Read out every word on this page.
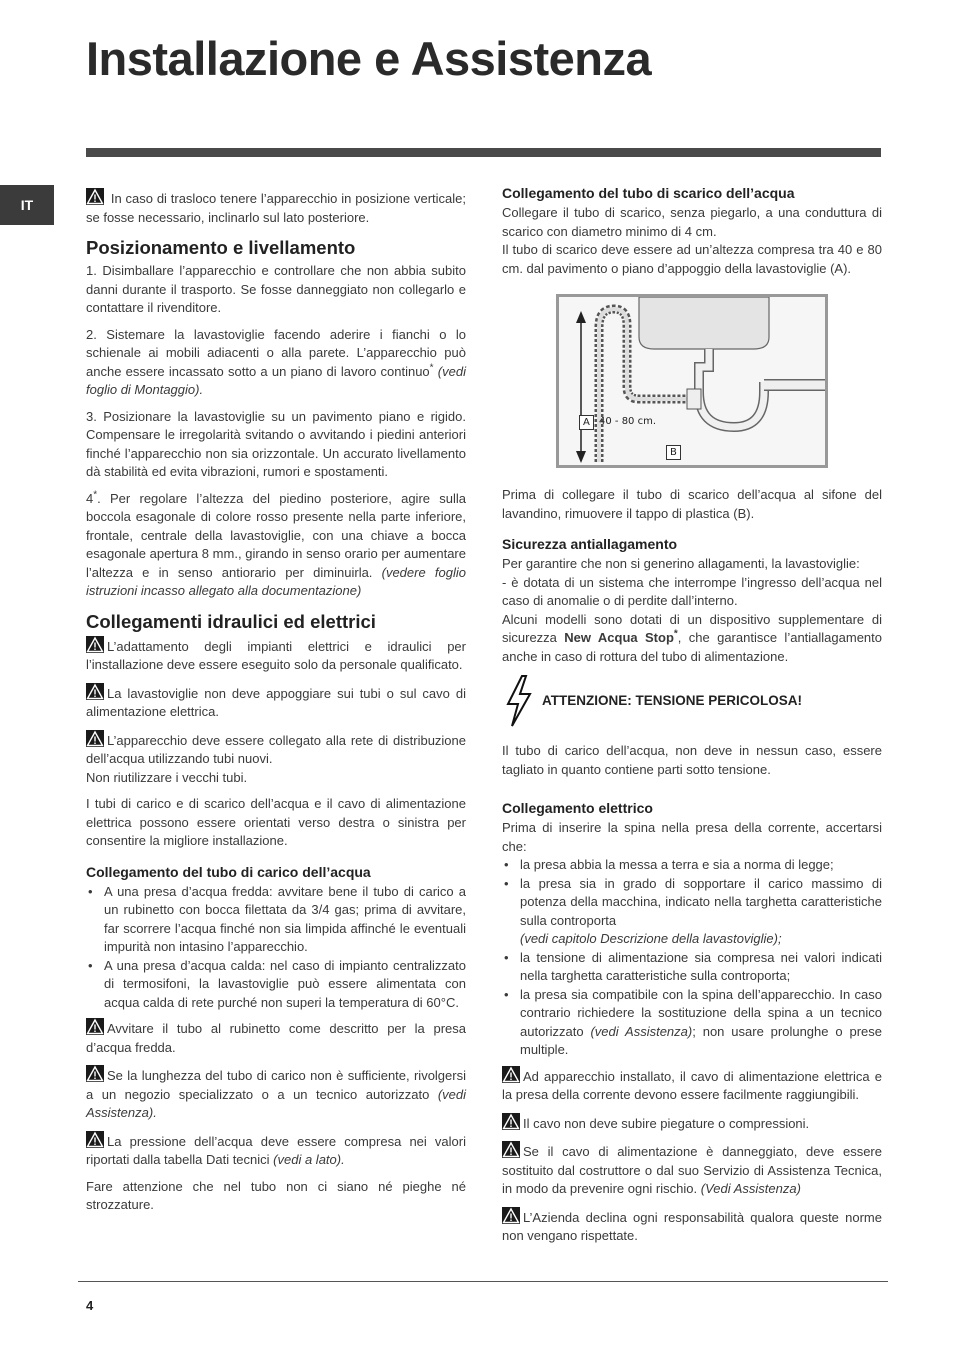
Installazione e Assistenza
IT	In caso di trasloco tenere l’apparecchio in posizione verticale; se fosse necessario, inclinarlo sul lato posteriore.

Posizionamento e livellamento

1. Disimballare l’apparecchio e controllare che non abbia subito danni durante il trasporto. Se fosse danneggiato non collegarlo e contattare il rivenditore.

2. Sistemare la lavastoviglie facendo aderire i fianchi o lo schienale ai mobili adiacenti o alla parete. L’apparecchio può anche essere incassato sotto a un piano di lavoro continuo* (vedi foglio di Montaggio).

3. Posizionare la lavastoviglie su un pavimento piano e rigido. Compensare le irregolarità svitando o avvitando i piedini anteriori finché l’apparecchio non sia orizzontale. Un accurato livellamento dà stabilità ed evita vibrazioni, rumori e spostamenti.

4*. Per regolare l’altezza del piedino posteriore, agire sulla boccola esagonale di colore rosso presente nella parte inferiore, frontale, centrale della lavastoviglie, con una chiave a bocca esagonale apertura 8 mm., girando in senso orario per aumentare l’altezza e in senso antiorario per diminuirla. (vedere foglio istruzioni incasso allegato alla documentazione)

Collegamenti idraulici ed elettrici

L’adattamento degli impianti elettrici e idraulici per l’installazione deve essere eseguito solo da personale qualificato.

La lavastoviglie non deve appoggiare sui tubi o sul cavo di alimentazione elettrica.

L’apparecchio deve essere collegato alla rete di distribuzione dell’acqua utilizzando tubi nuovi.
Non riutilizzare i vecchi tubi.

I tubi di carico e di scarico dell’acqua e il cavo di alimentazione elettrica possono essere orientati verso destra o sinistra per consentire la migliore installazione.

Collegamento del tubo di carico dell’acqua
• A una presa d’acqua fredda: avvitare bene il tubo di carico a un rubinetto con bocca filettata da 3/4 gas; prima di avvitare, far scorrere l’acqua finché non sia limpida affinché le eventuali impurità non intasino l’apparecchio.
• A una presa d’acqua calda: nel caso di impianto centralizzato di termosifoni, la lavastoviglie può essere alimentata con acqua calda di rete purché non superi la temperatura di 60°C.

Avvitare il tubo al rubinetto come descritto per la presa d’acqua fredda.

Se la lunghezza del tubo di carico non è sufficiente, rivolgersi a un negozio specializzato o a un tecnico autorizzato (vedi Assistenza).

La pressione dell’acqua deve essere compresa nei valori riportati dalla tabella Dati tecnici (vedi a lato).

Fare attenzione che nel tubo non ci siano né pieghe né strozzature.

Collegamento del tubo di scarico dell’acqua

Collegare il tubo di scarico, senza piegarlo, a una conduttura di scarico con diametro minimo di 4 cm.

Il tubo di scarico deve essere ad un’altezza compresa tra 40 e 80 cm. dal pavimento o piano d’appoggio della lavastoviglie (A).

A 40 - 80 cm.
B

Prima di collegare il tubo di scarico dell’acqua al sifone del lavandino, rimuovere il tappo di plastica (B).

Sicurezza antiallagamento

Per garantire che non si generino allagamenti, la lavastoviglie:

- è dotata di un sistema che interrompe l’ingresso dell’acqua nel caso di anomalie o di perdite dall’interno.

Alcuni modelli sono dotati di un dispositivo supplementare di sicurezza New Acqua Stop*, che garantisce l’antiallagamento anche in caso di rottura del tubo di alimentazione.

ATTENZIONE: TENSIONE PERICOLOSA!

Il tubo di carico dell’acqua, non deve in nessun caso, essere tagliato in quanto contiene parti sotto tensione.

Collegamento elettrico

Prima di inserire la spina nella presa della corrente, accertarsi che:

• la presa abbia la messa a terra e sia a norma di legge;
• la presa sia in grado di sopportare il carico massimo di potenza della macchina, indicato nella targhetta caratteristiche sulla controporta
(vedi capitolo Descrizione della lavastoviglie);
• la tensione di alimentazione sia compresa nei valori indicati nella targhetta caratteristiche sulla controporta;
• la presa sia compatibile con la spina dell’apparecchio. In caso contrario richiedere la sostituzione della spina a un tecnico autorizzato (vedi Assistenza); non usare prolunghe o prese multiple.

Ad apparecchio installato, il cavo di alimentazione elettrica e la presa della corrente devono essere facilmente raggiungibili.

Il cavo non deve subire piegature o compressioni.

Se il cavo di alimentazione è danneggiato, deve essere sostituito dal costruttore o dal suo Servizio di Assistenza Tecnica, in modo da prevenire ogni rischio. (Vedi Assistenza)

L’Azienda declina ogni responsabilità qualora queste norme non vengano rispettate.

4
